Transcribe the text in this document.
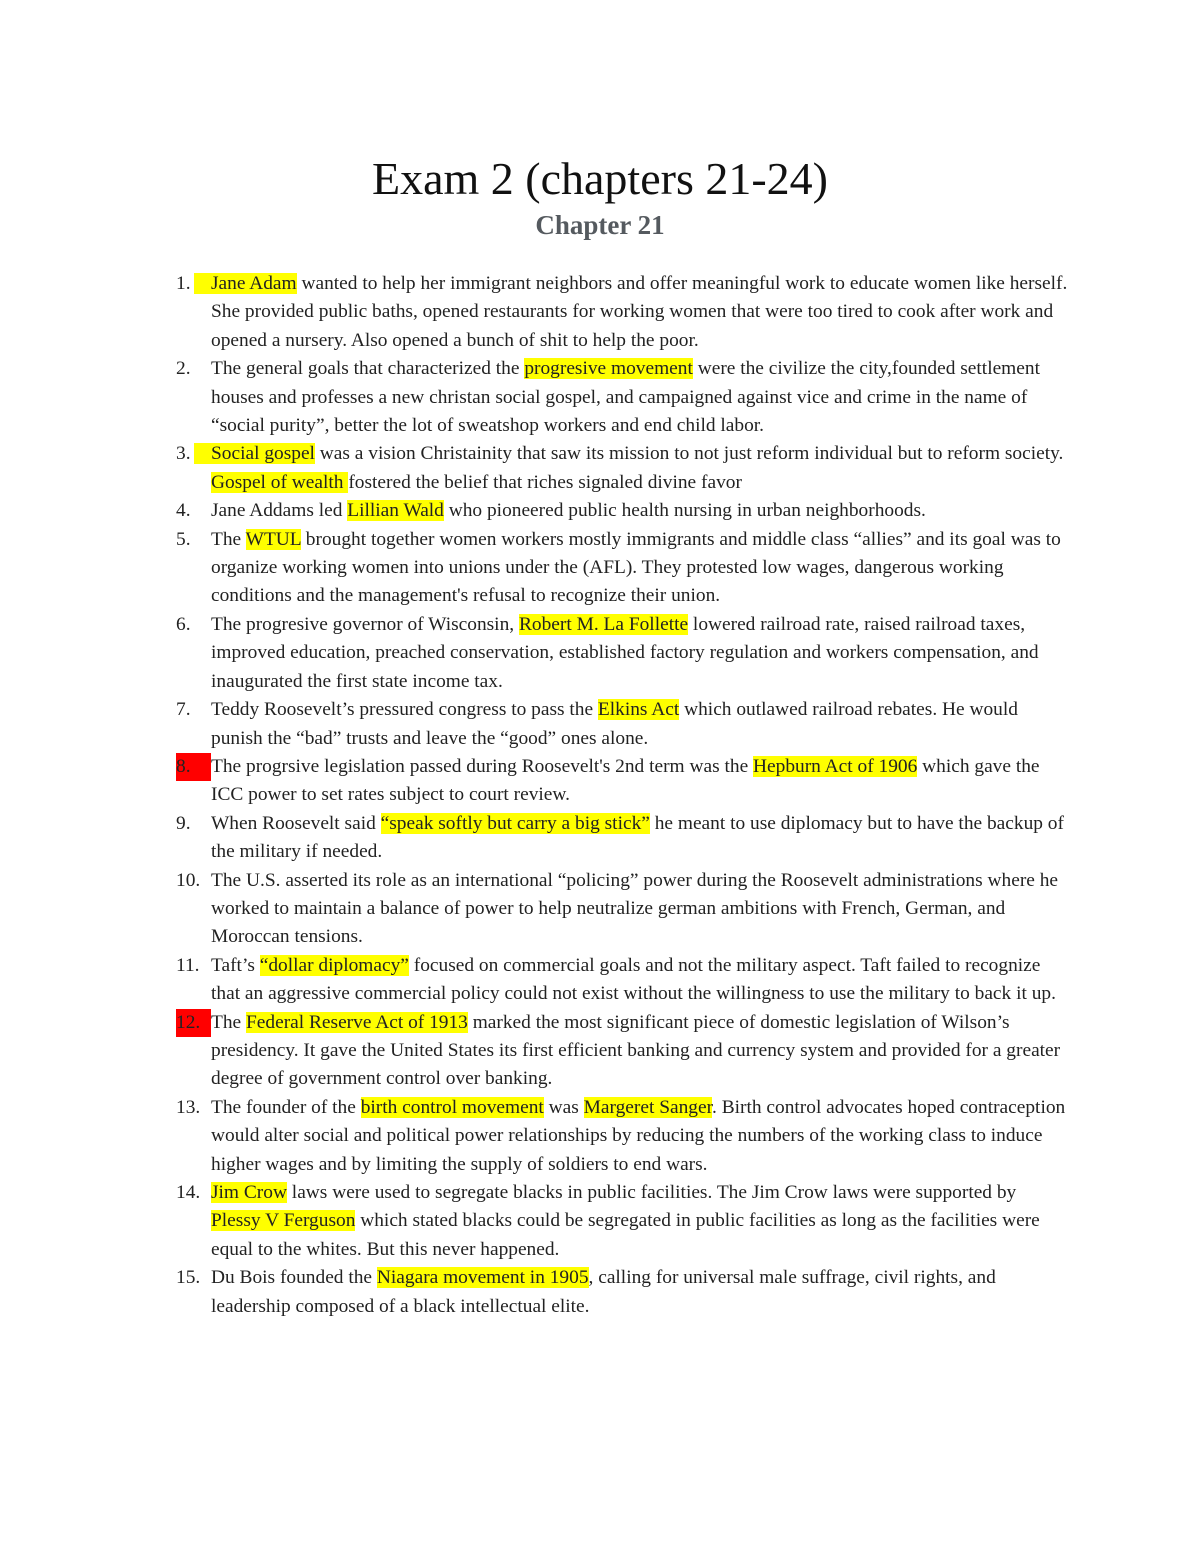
Exam 2 (chapters 21-24)
Chapter 21
1.	Jane Adam wanted to help her immigrant neighbors and offer meaningful work to educate women like herself. She provided public baths, opened restaurants for working women that were too tired to cook after work and opened a nursery. Also opened a bunch of shit to help the poor.
2.	The general goals that characterized the progresive movement were the civilize the city,founded settlement houses and professes a new christan social gospel, and campaigned against vice and crime in the name of “social purity”, better the lot of sweatshop workers and end child labor.
3.	Social gospel was a vision Christainity that saw its mission to not just reform individual but to reform society. Gospel of wealth fostered the belief that riches signaled divine favor
4.	Jane Addams led Lillian Wald who pioneered public health nursing in urban neighborhoods.
5.	The WTUL brought together women workers mostly immigrants and middle class “allies” and its goal was to organize working women into unions under the (AFL). They protested low wages, dangerous working conditions and the management's refusal to recognize their union.
6.	The progresive governor of Wisconsin, Robert M. La Follette lowered railroad rate, raised railroad taxes, improved education, preached conservation, established factory regulation and workers compensation, and inaugurated the first state income tax.
7.	Teddy Roosevelt’s pressured congress to pass the Elkins Act which outlawed railroad rebates. He would punish the “bad” trusts and leave the “good” ones alone.
8.	The progrsive legislation passed during Roosevelt's 2nd term was the Hepburn Act of 1906 which gave the ICC power to set rates subject to court review.
9.	When Roosevelt said “speak softly but carry a big stick” he meant to use diplomacy but to have the backup of the military if needed.
10. The U.S. asserted its role as an international “policing” power during the Roosevelt administrations where he worked to maintain a balance of power to help neutralize german ambitions with French, German, and Moroccan tensions.
11. Taft’s “dollar diplomacy” focused on commercial goals and not the military aspect. Taft failed to recognize that an aggressive commercial policy could not exist without the willingness to use the military to back it up.
12. The Federal Reserve Act of 1913 marked the most significant piece of domestic legislation of Wilson’s presidency. It gave the United States its first efficient banking and currency system and provided for a greater degree of government control over banking.
13. The founder of the birth control movement was Margeret Sanger. Birth control advocates hoped contraception would alter social and political power relationships by reducing the numbers of the working class to induce higher wages and by limiting the supply of soldiers to end wars.
14. Jim Crow laws were used to segregate blacks in public facilities. The Jim Crow laws were supported by Plessy V Ferguson which stated blacks could be segregated in public facilities as long as the facilities were equal to the whites. But this never happened.
15. Du Bois founded the Niagara movement in 1905, calling for universal male suffrage, civil rights, and leadership composed of a black intellectual elite.
